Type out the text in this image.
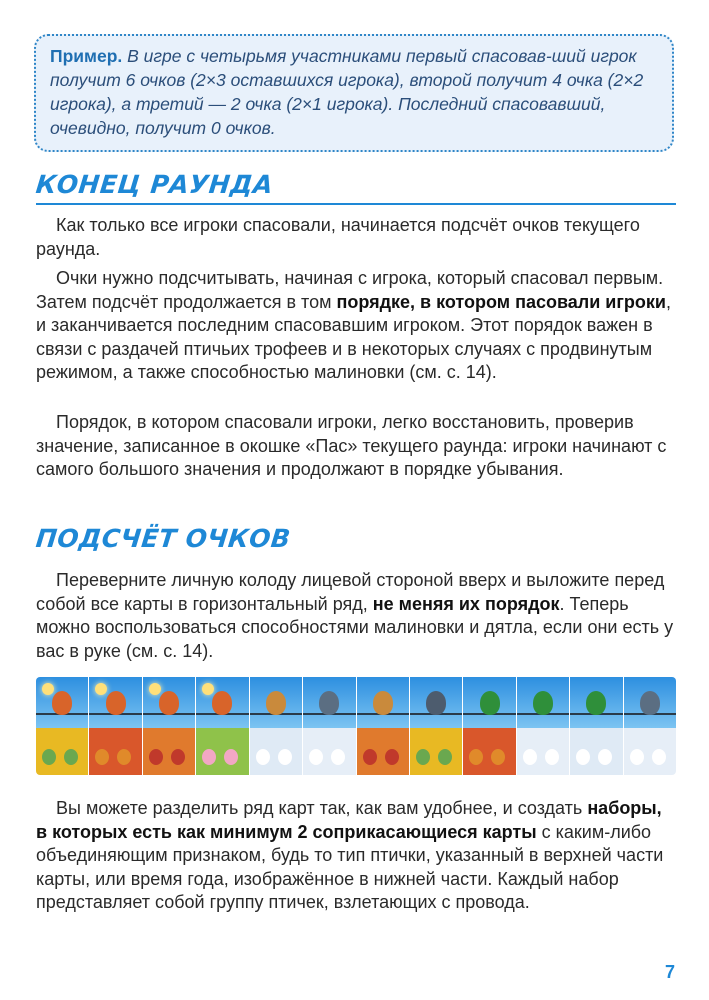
Пример. В игре с четырьмя участниками первый спасовав-ший игрок получит 6 очков (2×3 оставшихся игрока), второй получит 4 очка (2×2 игрока), а третий — 2 очка (2×1 игрока). Последний спасовавший, очевидно, получит 0 очков.
КОНЕЦ РАУНДА

Как только все игроки спасовали, начинается подсчёт очков текущего раунда.

Очки нужно подсчитывать, начиная с игрока, который спасовал первым. Затем подсчёт продолжается в том порядке, в котором пасовали игроки, и заканчивается последним спасовавшим игроком. Этот порядок важен в связи с раздачей птичьих трофеев и в некоторых случаях с продвинутым режимом, а также способностью малиновки (см. с. 14).

Порядок, в котором спасовали игроки, легко восстановить, проверив значение, записанное в окошке «Пас» текущего раунда: игроки начинают с самого большого значения и продолжают в порядке убывания.

ПОДСЧЁТ ОЧКОВ

Переверните личную колоду лицевой стороной вверх и выложите перед собой все карты в горизонтальный ряд, не меняя их порядок. Теперь можно воспользоваться способностями малиновки и дятла, если они есть у вас в руке (см. с. 14).

Вы можете разделить ряд карт так, как вам удобнее, и создать наборы, в которых есть как минимум 2 соприкасающиеся карты с каким-либо объединяющим признаком, будь то тип птички, указанный в верхней части карты, или время года, изображённое в нижней части. Каждый набор представляет собой группу птичек, взлетающих с провода.

7
